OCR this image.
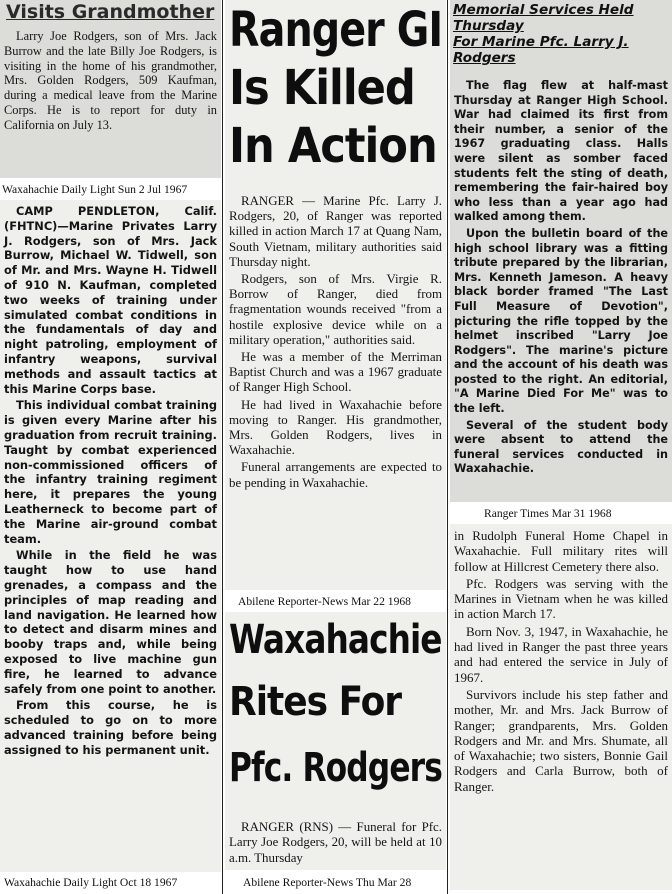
Visits Grandmother

Larry Joe Rodgers, son of Mrs. Jack Burrow and the late Billy Joe Rodgers, is visiting in the home of his grandmother, Mrs. Golden Rodgers, 509 Kaufman, during a medical leave from the Marine Corps. He is to report for duty in California on July 13.

Waxahachie Daily Light Sun 2 Jul 1967

CAMP PENDLETON, Calif. (FHTNC)—Marine Privates Larry J. Rodgers, son of Mrs. Jack Burrow, Michael W. Tidwell, son of Mr. and Mrs. Wayne H. Tidwell of 910 N. Kaufman, completed two weeks of training under simulated combat conditions in the fundamentals of day and night patroling, employment of infantry weapons, survival methods and assault tactics at this Marine Corps base.

This individual combat training is given every Marine after his graduation from recruit training. Taught by combat experienced non-commissioned officers of the infantry training regiment here, it prepares the young Leatherneck to become part of the Marine air-ground combat team.

While in the field he was taught how to use hand grenades, a compass and the principles of map reading and land navigation. He learned how to detect and disarm mines and booby traps and, while being exposed to live machine gun fire, he learned to advance safely from one point to another.

From this course, he is scheduled to go on to more advanced training before being assigned to his permanent unit.

Waxahachie Daily Light Oct 18 1967
Ranger GI
Is Killed
In Action

RANGER — Marine Pfc. Larry J. Rodgers, 20, of Ranger was reported killed in action March 17 at Quang Nam, South Vietnam, military authorities said Thursday night.

Rodgers, son of Mrs. Virgie R. Borrow of Ranger, died from fragmentation wounds received "from a hostile explosive device while on a military operation," authorities said.

He was a member of the Merriman Baptist Church and was a 1967 graduate of Ranger High School.

He had lived in Waxahachie before moving to Ranger. His grandmother, Mrs. Golden Rodgers, lives in Waxahachie.

Funeral arrangements are expected to be pending in Waxahachie.

Abilene Reporter-News Mar 22 1968
Waxahachie
Rites For
Pfc. Rodgers

RANGER (RNS) — Funeral for Pfc. Larry Joe Rodgers, 20, will be held at 10 a.m. Thursday

Abilene Reporter-News Thu Mar 28
Memorial Services Held Thursday
For Marine Pfc. Larry J. Rodgers

The flag flew at half-mast Thursday at Ranger High School. War had claimed its first from their number, a senior of the 1967 graduating class. Halls were silent as somber faced students felt the sting of death, remembering the fair-haired boy who less than a year ago had walked among them.

Upon the bulletin board of the high school library was a fitting tribute prepared by the librarian, Mrs. Kenneth Jameson. A heavy black border framed "The Last Full Measure of Devotion", picturing the rifle topped by the helmet inscribed "Larry Joe Rodgers". The marine's picture and the account of his death was posted to the right. An editorial, "A Marine Died For Me" was to the left.

Several of the student body were absent to attend the funeral services conducted in Waxahachie.

Ranger Times Mar 31 1968

in Rudolph Funeral Home Chapel in Waxahachie. Full military rites will follow at Hillcrest Cemetery there also.

Pfc. Rodgers was serving with the Marines in Vietnam when he was killed in action March 17.

Born Nov. 3, 1947, in Waxahachie, he had lived in Ranger the past three years and had entered the service in July of 1967.

Survivors include his step father and mother, Mr. and Mrs. Jack Burrow of Ranger; grandparents, Mrs. Golden Rodgers and Mr. and Mrs. Shumate, all of Waxahachie; two sisters, Bonnie Gail Rodgers and Carla Burrow, both of Ranger.
